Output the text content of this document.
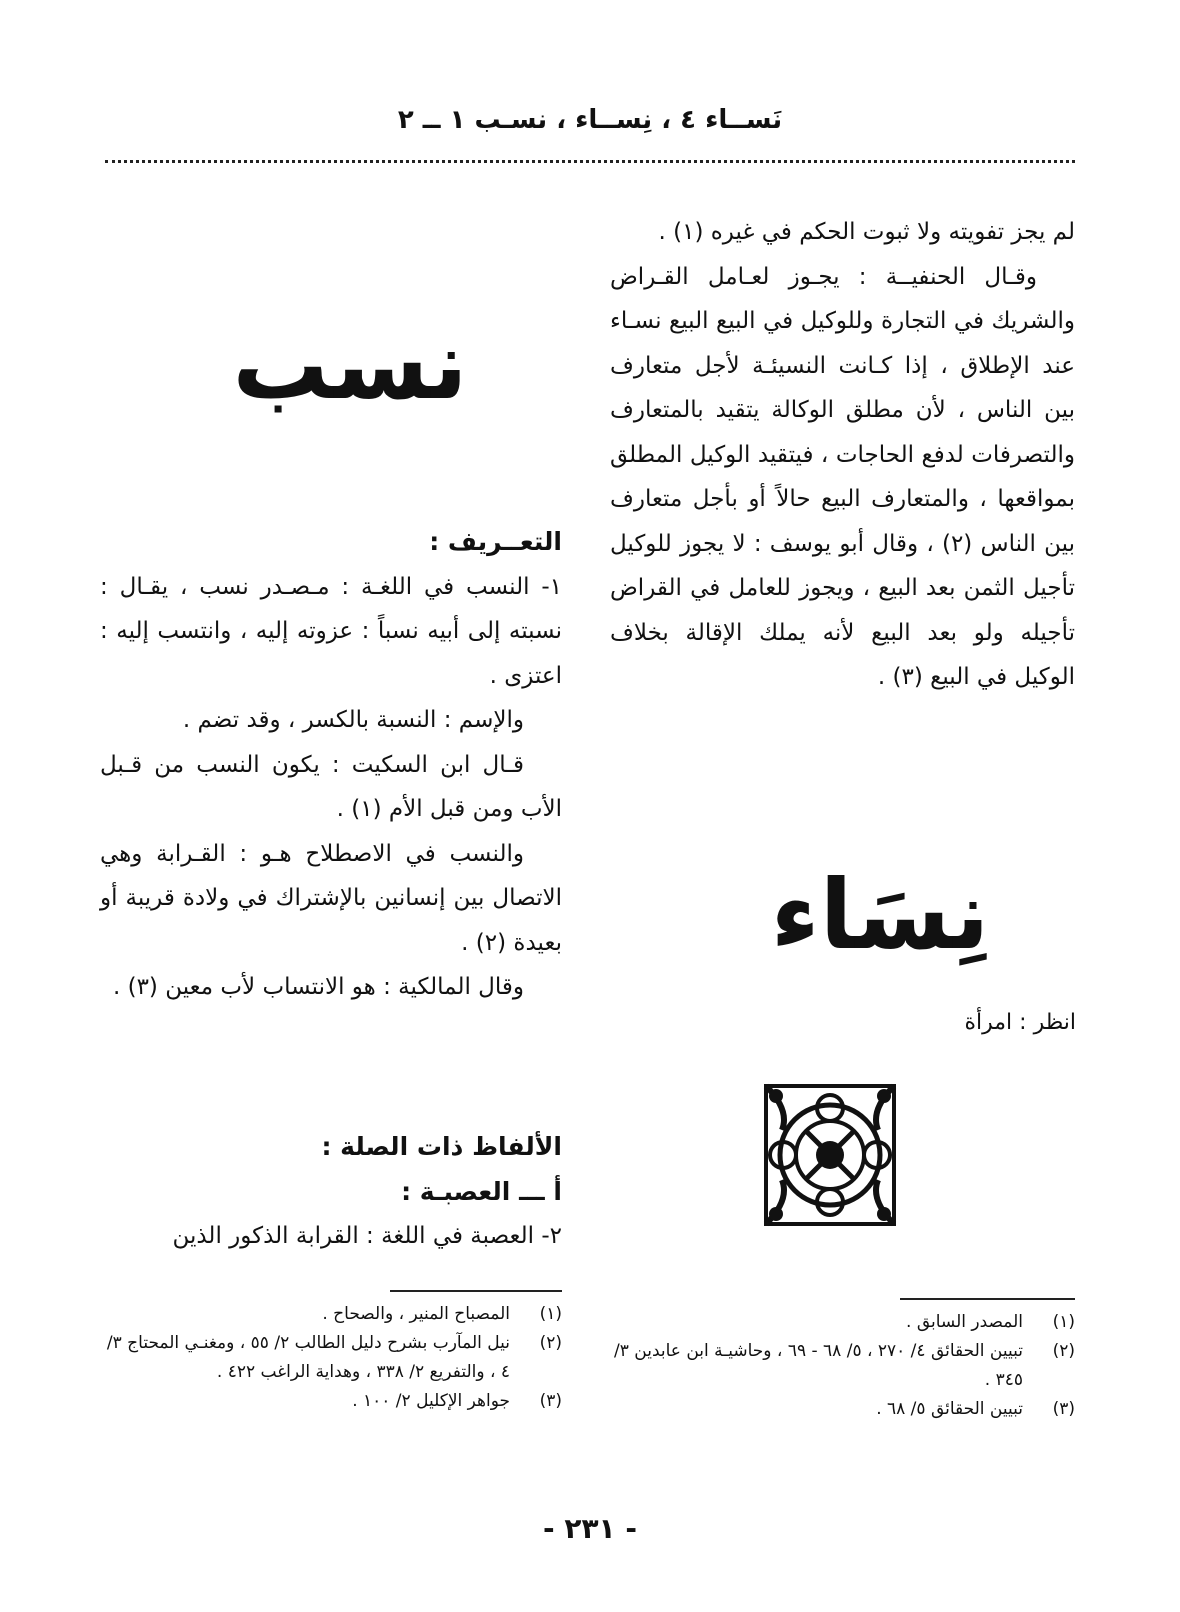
نَســاء ٤ ، نِســاء ، نسـب ١ ــ ٢

لم يجز تفويته ولا ثبوت الحكم في غيره (١) .

وقـال الحنفيــة : يجـوز لعـامل القـراض والشريك في التجارة وللوكيل في البيع البيع نسـاء عند الإطلاق ، إذا كـانت النسيئـة لأجل متعارف بين الناس ، لأن مطلق الوكالة يتقيد بالمتعارف والتصرفات لدفع الحاجات ، فيتقيد الوكيل المطلق بمواقعها ، والمتعارف البيع حالاً أو بأجل متعارف بين الناس (٢) ، وقال أبو يوسف : لا يجوز للوكيل تأجيل الثمن بعد البيع ، ويجوز للعامل في القراض تأجيله ولو بعد البيع لأنه يملك الإقالة بخلاف الوكيل في البيع (٣) .

نسب
نِسَاء
انظر : امرأة
التعــريف :

١- النسب في اللغـة : مـصـدر نسب ، يقـال : نسبته إلى أبيه نسباً : عزوته إليه ، وانتسب إليه : اعتزى .

والإسم : النسبة بالكسر ، وقد تضم .

قـال ابن السكيت : يكون النسب من قـبل الأب ومن قبل الأم (١) .

والنسب في الاصطلاح هـو : القـرابة وهي الاتصال بين إنسانين بالإشتراك في ولادة قريبة أو بعيدة (٢) .

وقال المالكية : هو الانتساب لأب معين (٣) .

الألفاظ ذات الصلة :
أ ـــ العصبـة :

٢- العصبة في اللغة : القرابة الذكور الذين

(١)
المصباح المنير ، والصحاح .
(٢)
نيل المآرب بشرح دليل الطالب ٢/ ٥٥ ، ومغنـي المحتاج ٣/ ٤ ، والتفريع ٢/ ٣٣٨ ، وهداية الراغب ٤٢٢ .
(٣)
جواهر الإكليل ٢/ ١٠٠ .
(١)
المصدر السابق .
(٢)
تبيين الحقائق ٤/ ٢٧٠ ، ٥/ ٦٨ - ٦٩ ، وحاشيـة ابن عابدين ٣/ ٣٤٥ .
(٣)
تبيين الحقائق ٥/ ٦٨ .
- ٢٣١ -
